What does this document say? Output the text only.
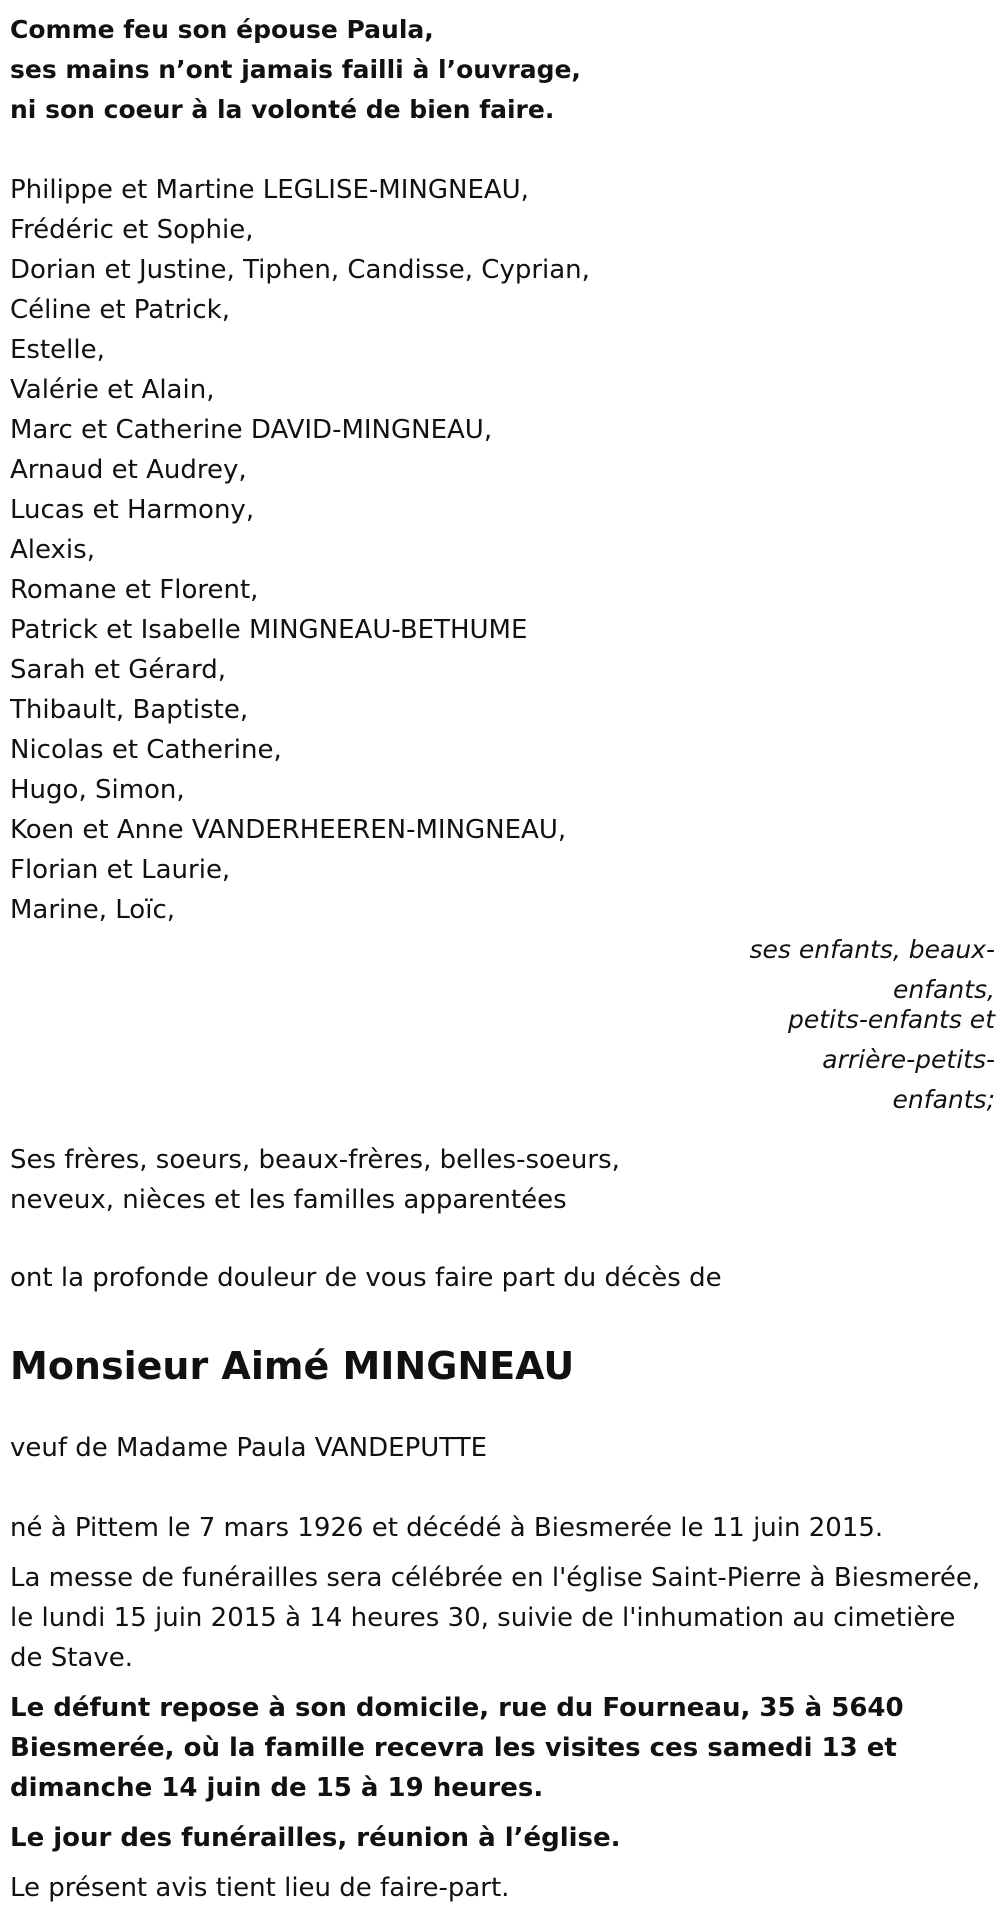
Comme feu son épouse Paula,
ses mains n’ont jamais failli à l’ouvrage,
ni son coeur à la volonté de bien faire.
Philippe et Martine LEGLISE-MINGNEAU,
Frédéric et Sophie,
Dorian et Justine, Tiphen, Candisse, Cyprian,
Céline et Patrick,
Estelle,
Valérie et Alain,
Marc et Catherine DAVID-MINGNEAU,
Arnaud et Audrey,
Lucas et Harmony,
Alexis,
Romane et Florent,
Patrick et Isabelle MINGNEAU-BETHUME
Sarah et Gérard,
Thibault, Baptiste,
Nicolas et Catherine,
Hugo, Simon,
Koen et Anne VANDERHEEREN-MINGNEAU,
Florian et Laurie,
Marine, Loïc,
ses enfants, beaux-
enfants,
petits-enfants et
arrière-petits-
enfants;
Ses frères, soeurs, beaux-frères, belles-soeurs,
neveux, nièces et les familles apparentées
ont la profonde douleur de vous faire part du décès de
Monsieur Aimé MINGNEAU
veuf de Madame Paula VANDEPUTTE
né à Pittem le 7 mars 1926 et décédé à Biesmerée le 11 juin 2015.
La messe de funérailles sera célébrée en l'église Saint-Pierre à Biesmerée, le lundi 15 juin 2015 à 14 heures 30, suivie de l'inhumation au cimetière de Stave.
Le défunt repose à son domicile, rue du Fourneau, 35 à 5640 Biesmerée, où la famille recevra les visites ces samedi 13 et dimanche 14 juin de 15 à 19 heures.
Le jour des funérailles, réunion à l’église.
Le présent avis tient lieu de faire-part.
